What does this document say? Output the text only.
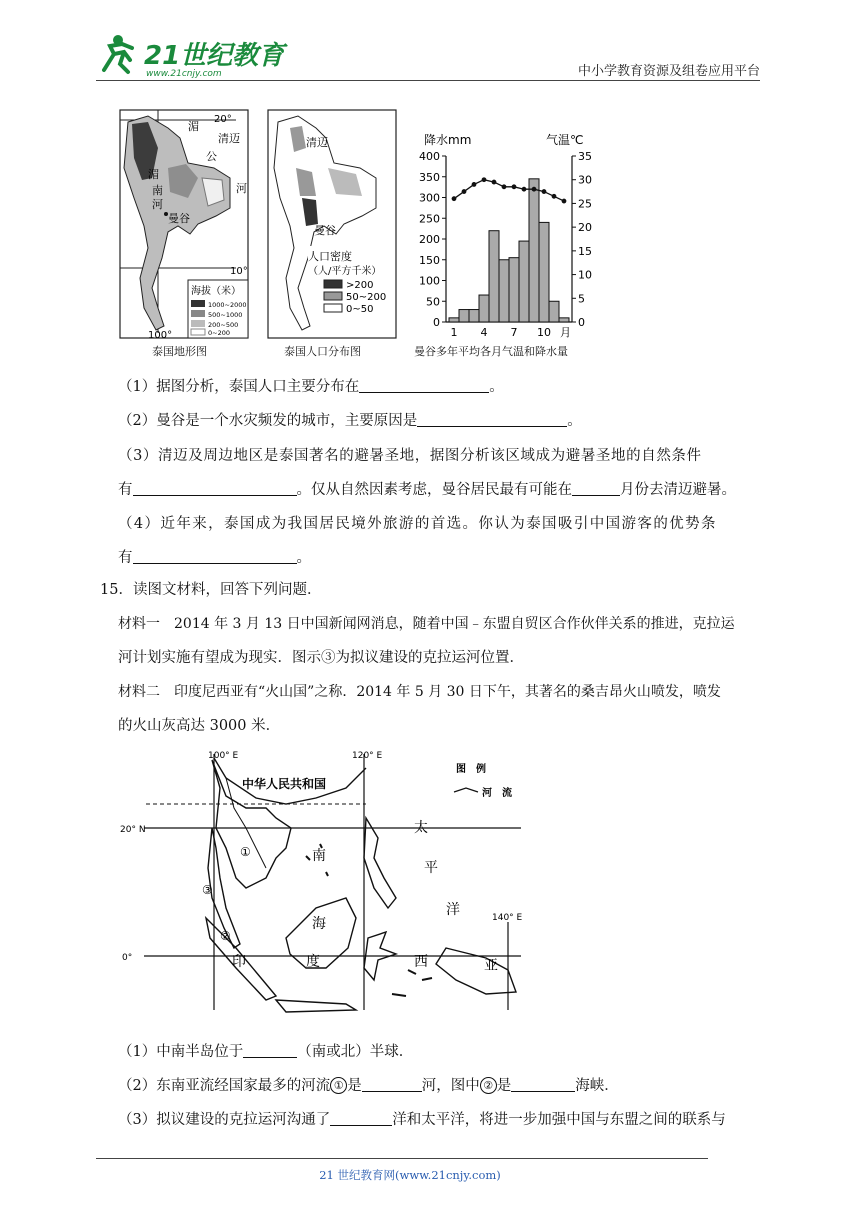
21世纪教育
www.21cnjy.com	中小学教育资源及组卷应用平台
20°
湄
清迈
公
河
湄
南
河
曼谷
10°
海拔（米）
1000~2000
500~1000
200~500
0~200
100°
泰国地形图
清迈
曼谷
人口密度
（人/平方千米）
>200
50~200
0~50
泰国人口分布图
降水mm	气温℃
400
350
300
250
200
150
100
50
0
35
30
25
20
15
10
5
0
1 4 7 10 月
曼谷多年平均各月气温和降水量
（1）据图分析，泰国人口主要分布在	。
（2）曼谷是一个水灾频发的城市，主要原因是	。
（3）清迈及周边地区是泰国著名的避暑圣地，据图分析该区域成为避暑圣地的自然条件
有	。仅从自然因素考虑，曼谷居民最有可能在	月份去清迈避暑。
（4）近年来，泰国成为我国居民境外旅游的首选。你认为泰国吸引中国游客的优势条
有	。
15．读图文材料，回答下列问题．
材料一　2014 年 3 月 13 日中国新闻网消息，随着中国﹣东盟自贸区合作伙伴关系的推进，克拉运
河计划实施有望成为现实．图示③为拟议建设的克拉运河位置．
材料二　印度尼西亚有“火山国”之称．2014 年 5 月 30 日下午，其著名的桑吉昂火山喷发，喷发
的火山灰高达 3000 米．
100° E	120° E
140° E
20° N
0°
中华人民共和国
图　例
河　流
①
③
②
南
海
太
平
洋
印	度	西	亚
（1）中南半岛位于	（南或北）半球．
（2）东南亚流经国家最多的河流 ① 是	河，图中 ② 是	海峡．
（3）拟议建设的克拉运河沟通了	洋和太平洋，将进一步加强中国与东盟之间的联系与
21 世纪教育网(www.21cnjy.com)
